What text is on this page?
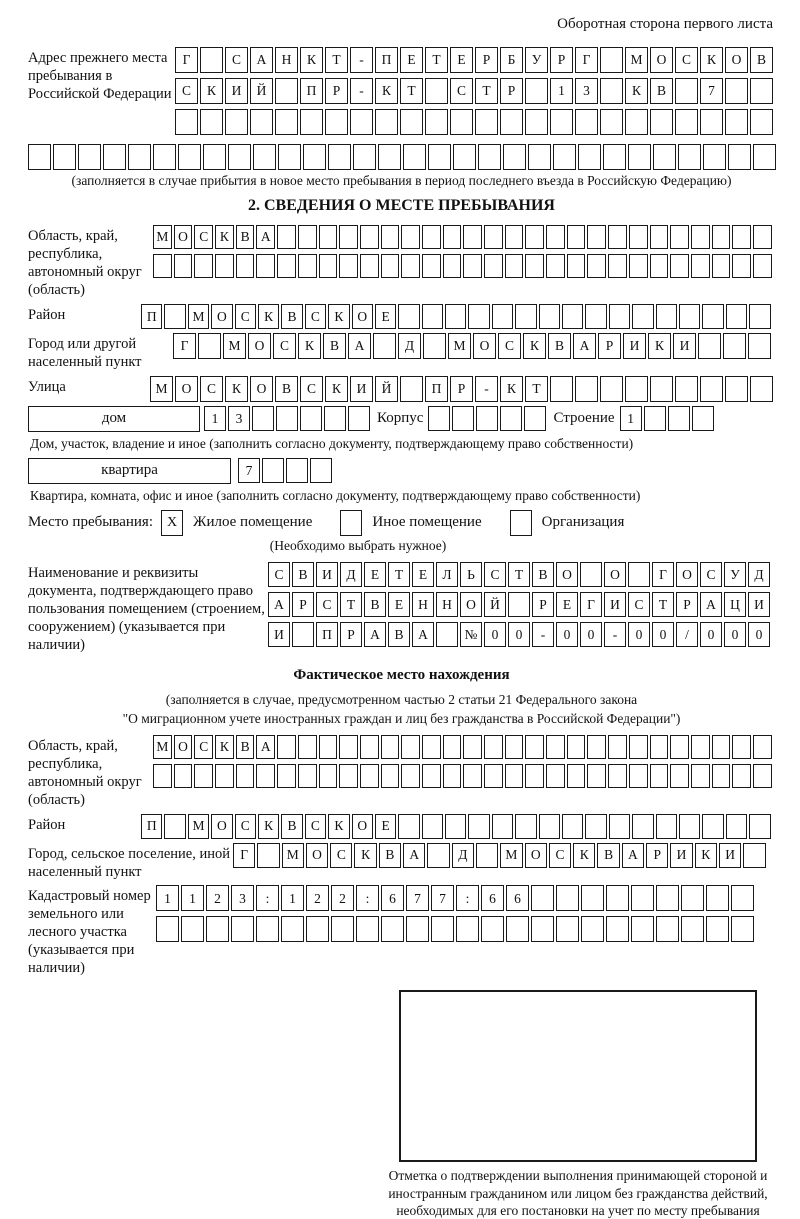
Оборотная сторона первого листа
Адрес прежнего места пребывания в Российской Федерации
Г	С	А	Н	К	Т	-	П	Е	Т	Е	Р	Б	У	Р	Г	М	О	С	К	О	В
С	К	И	Й	П	Р	-	К	Т	С	Т	Р	1	3	К	В	7
(заполняется в случае прибытия в новое место пребывания в период последнего въезда в Российскую Федерацию)
2. СВЕДЕНИЯ О МЕСТЕ ПРЕБЫВАНИЯ
Область, край, республика, автономный округ (область)
М О С К В А
Район	П	М О	С	К	В	С	К	О	Е
Город или другой населенный пункт
Г	М	О	С	К	В	А	Д	М	О	С	К	В	А	Р	И	К	И
Улица	М	О	С	К	О	В	С	К	И	Й	П	Р	-	К	Т
дом	1	3	Корпус	Строение 1
Дом, участок, владение и иное (заполнить согласно документу, подтверждающему право собственности)
квартира	7
Квартира, комната, офис и иное (заполнить согласно документу, подтверждающему право собственности)
Место пребывания: X	Жилое помещение	Иное помещение	Организация
(Необходимо выбрать нужное)
Наименование и реквизиты документа, подтверждающего право пользования помещением (строением, сооружением) (указывается при наличии)
С	В	И	Д	Е	Т	Е	Л	Ь	С	Т	В	О	О	Г	О	С	У	Д
А	Р	С	Т	В	Е	Н	Н	О	Й	Р	Е	Г	И	С	Т	Р	А	Ц	И
И	П	Р	А	В	А	№	0	0	-	0	0	-	0	0	/	0	0	0
Фактическое место нахождения
(заполняется в случае, предусмотренном частью 2 статьи 21 Федерального закона
"О миграционном учете иностранных граждан и лиц без гражданства в Российской Федерации")
Область, край, республика, автономный округ (область)
М О С К В А
Район	П	М О	С	К	В	С	К	О	Е
Город, сельское поселение, иной населенный пункт
Г	М О	С	К	В	А	Д	М О	С	К	В	А	Р	И	К	И
Кадастровый номер земельного или лесного участка (указывается при наличии)
1	1	2	3	:	1	2	2	:	6	7	7	:	6	6
Отметка о подтверждении выполнения принимающей стороной и иностранным гражданином или лицом без гражданства действий, необходимых для его постановки на учет по месту пребывания
